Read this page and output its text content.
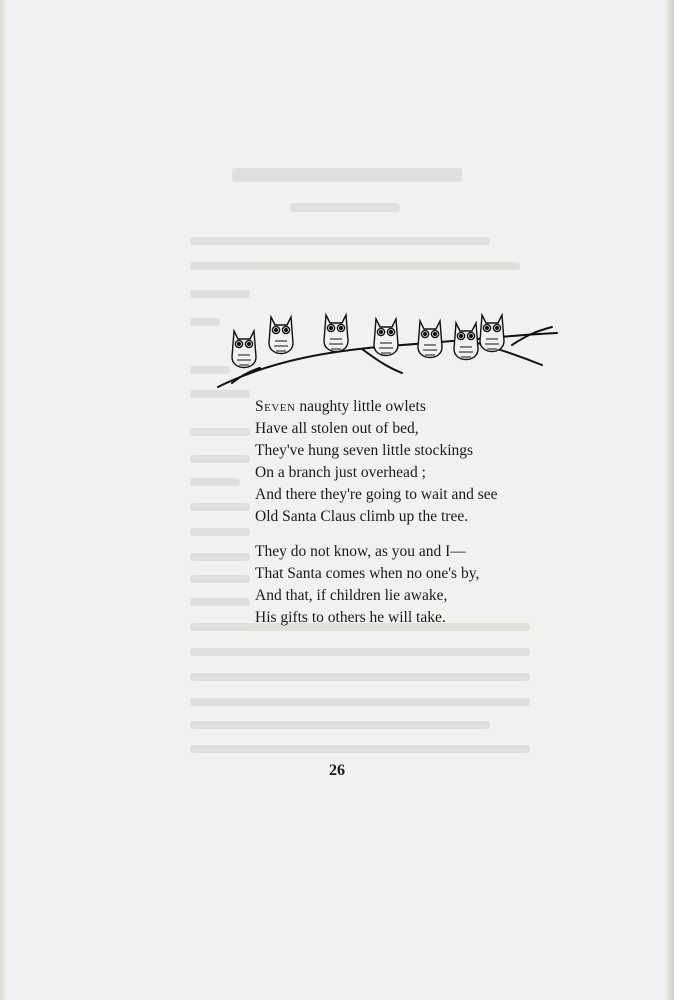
Seven naughty little owlets
Have all stolen out of bed,
They've hung seven little stockings
On a branch just overhead ;
And there they're going to wait and see
Old Santa Claus climb up the tree.

They do not know, as you and I—
That Santa comes when no one's by,
And that, if children lie awake,
His gifts to others he will take.

26
